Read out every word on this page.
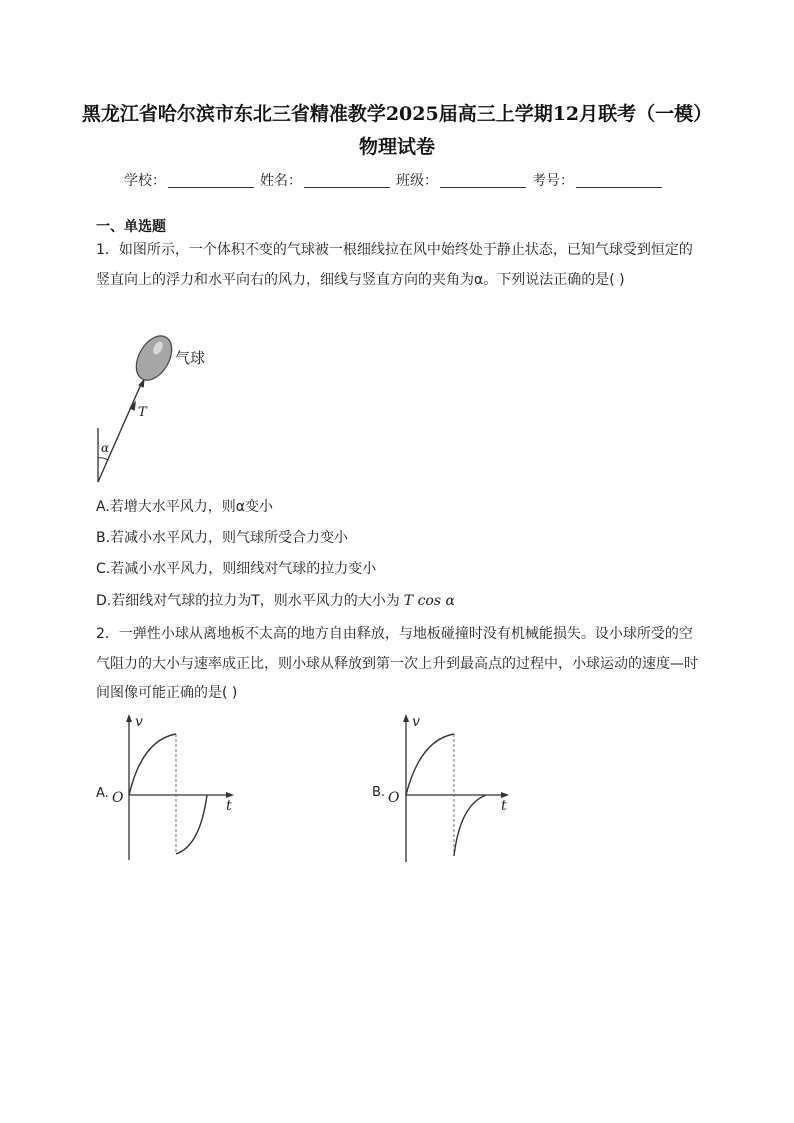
黑龙江省哈尔滨市东北三省精准教学2025届高三上学期12月联考（一模）物理试卷
学校：	姓名：	班级：	考号：
一、单选题
1．如图所示，一个体积不变的气球被一根细线拉在风中始终处于静止状态，已知气球受到恒定的竖直向上的浮力和水平向右的风力，细线与竖直方向的夹角为α。下列说法正确的是( )
气球
T
α
A.若增大水平风力，则α变小
B.若减小水平风力，则气球所受合力变小
C.若减小水平风力，则细线对气球的拉力变小
D.若细线对气球的拉力为T，则水平风力的大小为 T cos α
2．一弹性小球从离地板不太高的地方自由释放，与地板碰撞时没有机械能损失。设小球所受的空气阻力的大小与速率成正比，则小球从释放到第一次上升到最高点的过程中，小球运动的速度—时间图像可能正确的是( )
A. O
v
t
B. O
v
t
